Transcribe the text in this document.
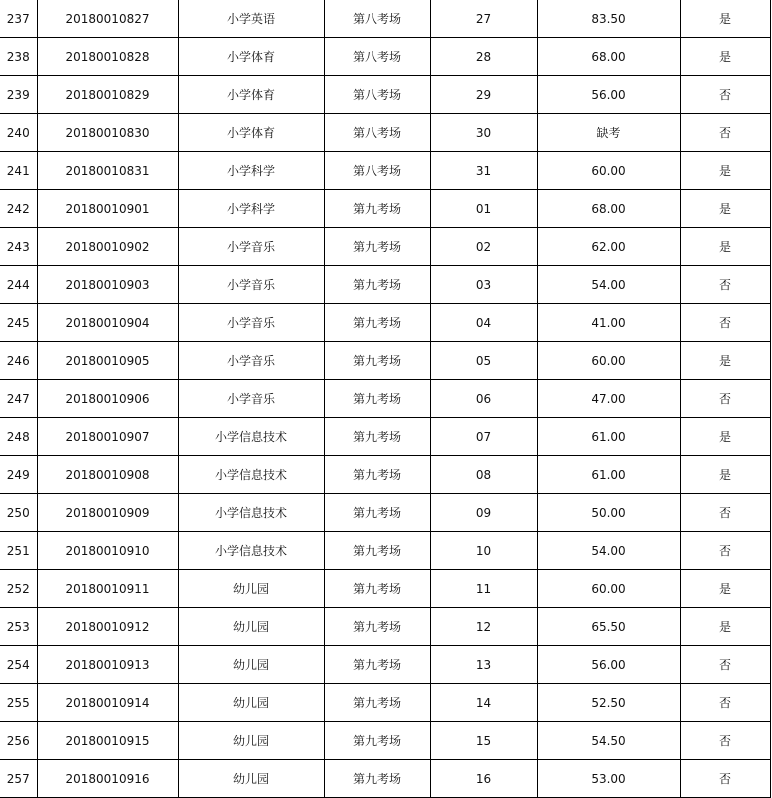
237	20180010827	小学英语	第八考场	27	83.50	是
238	20180010828	小学体育	第八考场	28	68.00	是
239	20180010829	小学体育	第八考场	29	56.00	否
240	20180010830	小学体育	第八考场	30	缺考	否
241	20180010831	小学科学	第八考场	31	60.00	是
242	20180010901	小学科学	第九考场	01	68.00	是
243	20180010902	小学音乐	第九考场	02	62.00	是
244	20180010903	小学音乐	第九考场	03	54.00	否
245	20180010904	小学音乐	第九考场	04	41.00	否
246	20180010905	小学音乐	第九考场	05	60.00	是
247	20180010906	小学音乐	第九考场	06	47.00	否
248	20180010907	小学信息技术	第九考场	07	61.00	是
249	20180010908	小学信息技术	第九考场	08	61.00	是
250	20180010909	小学信息技术	第九考场	09	50.00	否
251	20180010910	小学信息技术	第九考场	10	54.00	否
252	20180010911	幼儿园	第九考场	11	60.00	是
253	20180010912	幼儿园	第九考场	12	65.50	是
254	20180010913	幼儿园	第九考场	13	56.00	否
255	20180010914	幼儿园	第九考场	14	52.50	否
256	20180010915	幼儿园	第九考场	15	54.50	否
257	20180010916	幼儿园	第九考场	16	53.00	否
